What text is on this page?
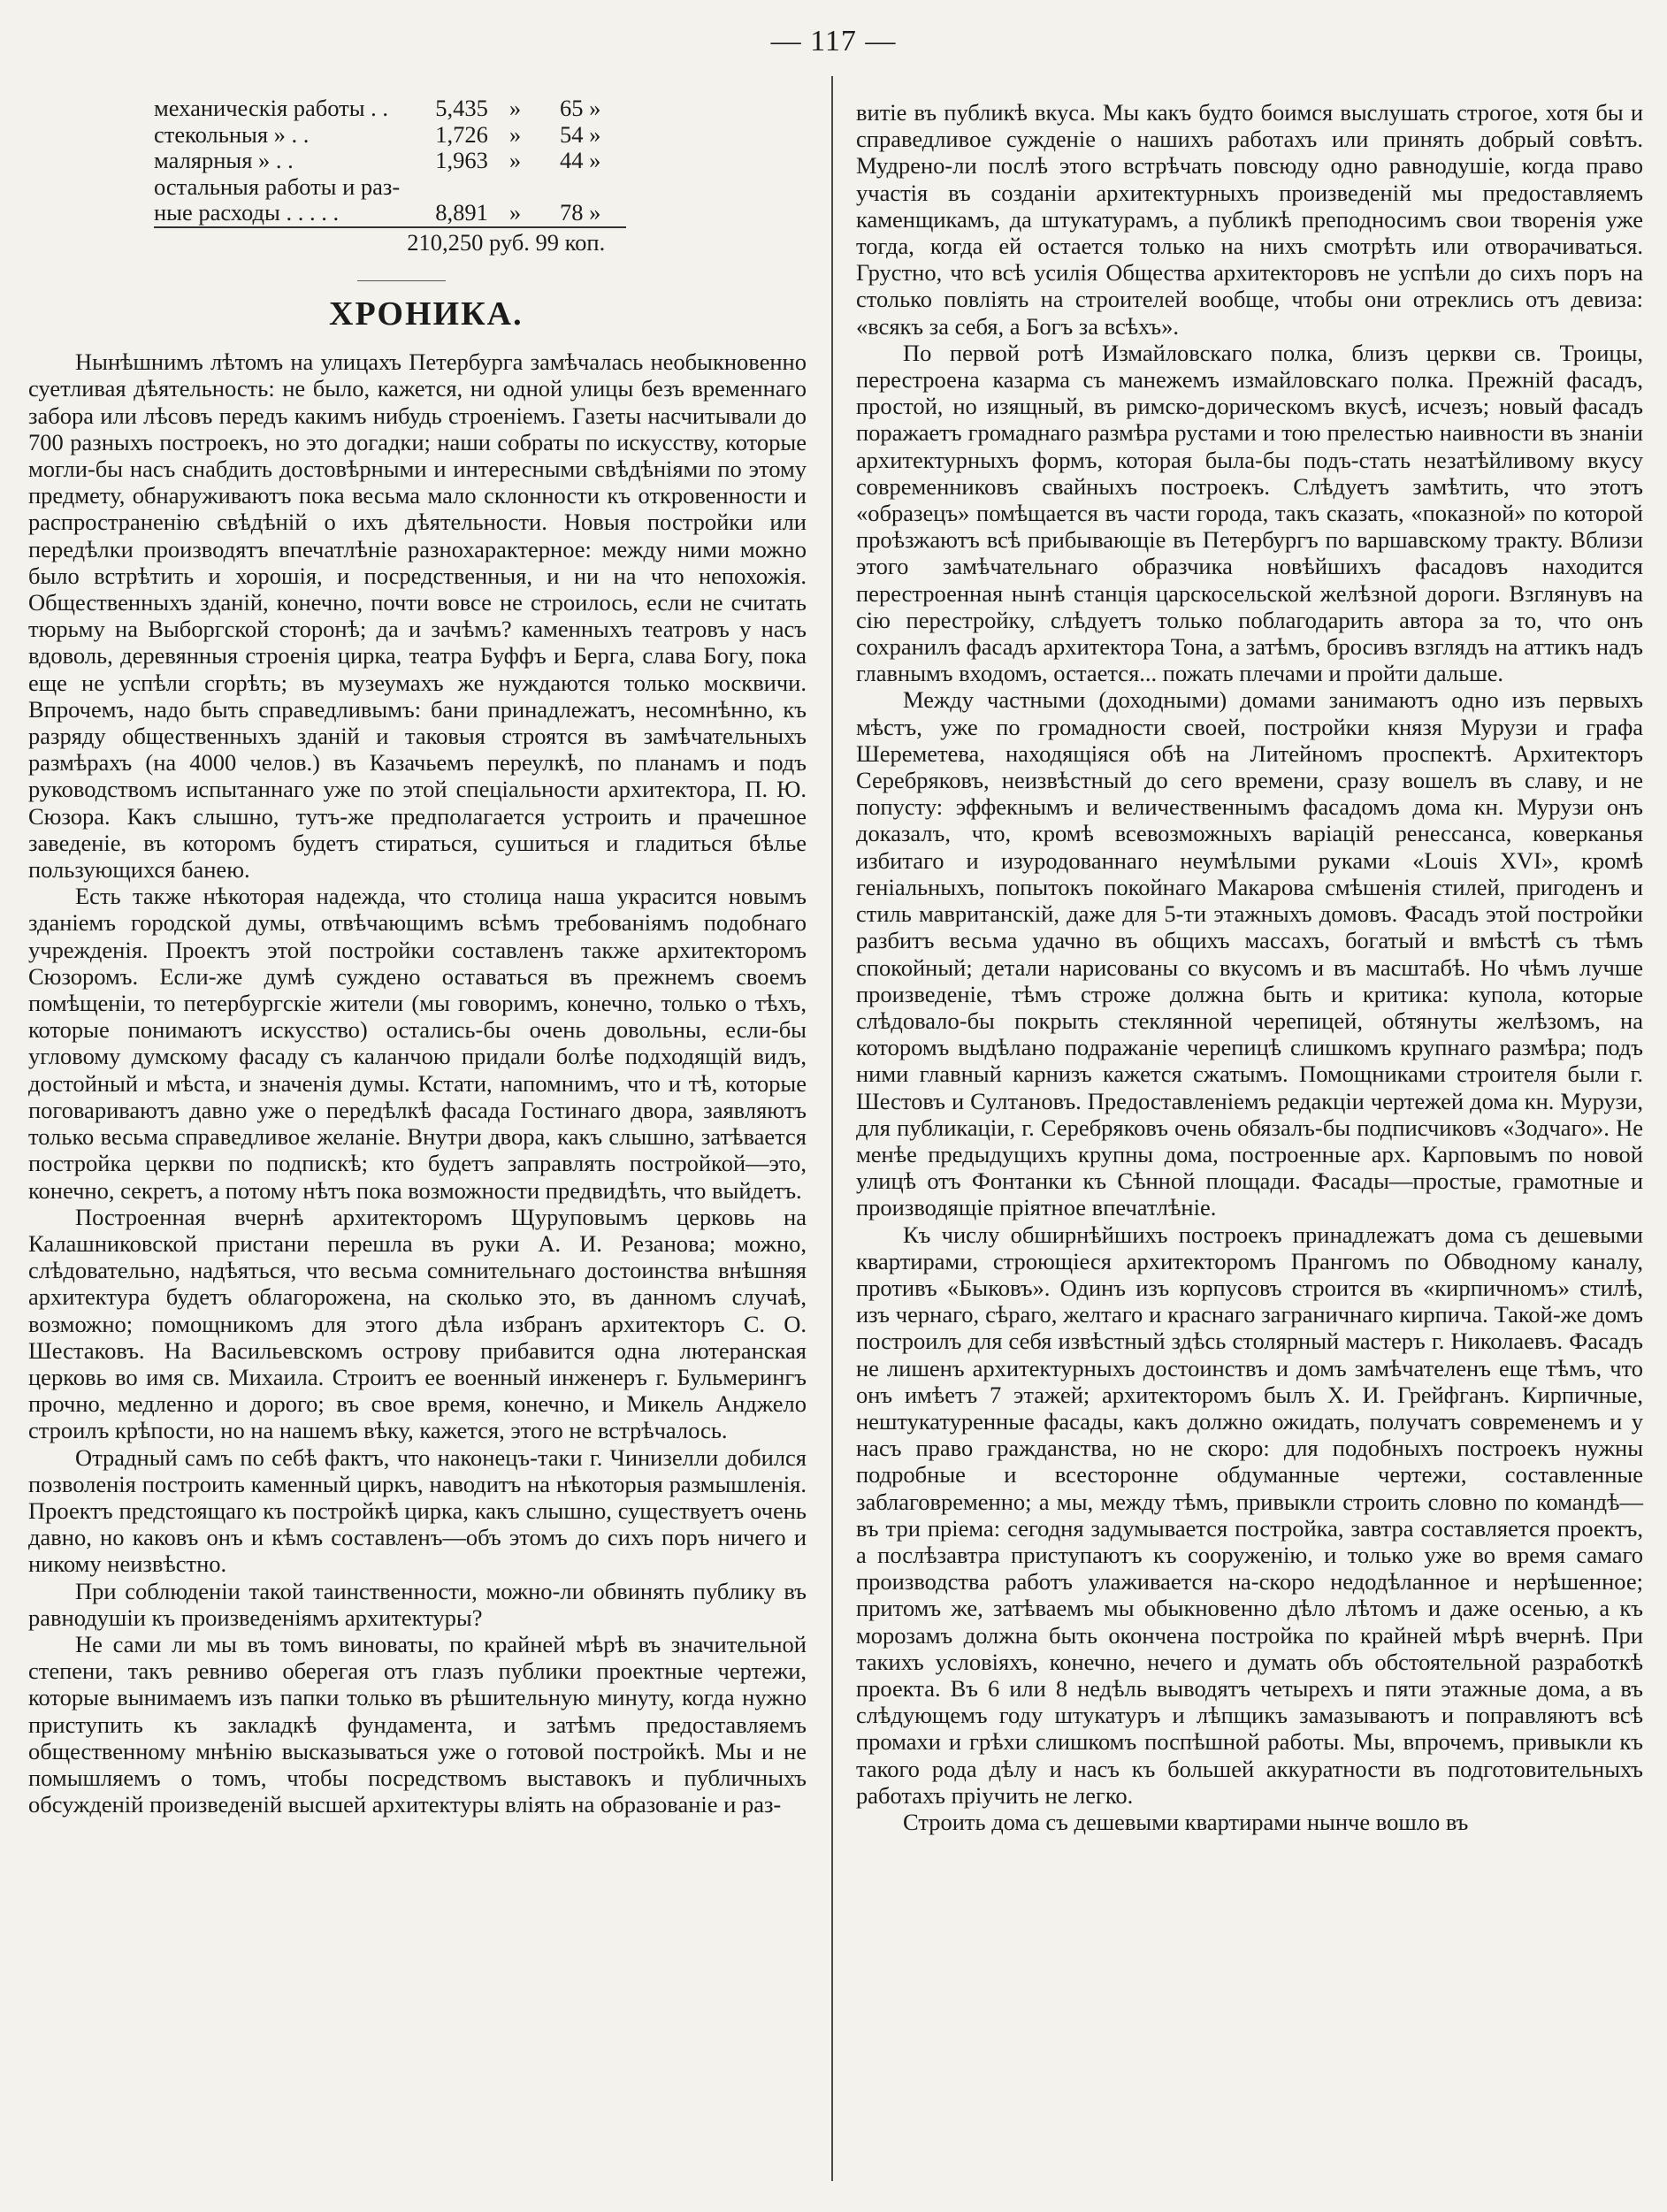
— 117 —
механическія работы . .	5,435	»	65 »
стекольныя » . .	1,726	»	54 »
малярныя » . .	1,963	»	44 »
остальныя работы и раз-			
ные расходы . . . . .	8,891	»	78 »
	210,250 руб. 99 коп.		
ХРОНИКА.

Нынѣшнимъ лѣтомъ на улицахъ Петербурга замѣчалась необыкновенно суетливая дѣятельность: не было, кажется, ни одной улицы безъ временнаго забора или лѣсовъ передъ какимъ нибудь строеніемъ. Газеты насчитывали до 700 разныхъ построекъ, но это догадки; наши собраты по искусству, которые могли-бы насъ снабдить достовѣрными и интересными свѣдѣніями по этому предмету, обнаруживаютъ пока весьма мало склонности къ откровенности и распространенію свѣдѣній о ихъ дѣятельности. Новыя постройки или передѣлки производятъ впечатлѣніе разнохарактерное: между ними можно было встрѣтить и хорошія, и посредственныя, и ни на что непохожія. Общественныхъ зданій, конечно, почти вовсе не строилось, если не считать тюрьму на Выборгской сторонѣ; да и зачѣмъ? каменныхъ театровъ у насъ вдоволь, деревянныя строенія цирка, театра Буффъ и Берга, слава Богу, пока еще не успѣли сгорѣть; въ музеумахъ же нуждаются только москвичи. Впрочемъ, надо быть справедливымъ: бани принадлежатъ, несомнѣнно, къ разряду общественныхъ зданій и таковыя строятся въ замѣчательныхъ размѣрахъ (на 4000 челов.) въ Казачьемъ переулкѣ, по планамъ и подъ руководствомъ испытаннаго уже по этой спеціальности архитектора, П. Ю. Сюзора. Какъ слышно, тутъ-же предполагается устроить и прачешное заведеніе, въ которомъ будетъ стираться, сушиться и гладиться бѣлье пользующихся банею.

Есть также нѣкоторая надежда, что столица наша украсится новымъ зданіемъ городской думы, отвѣчающимъ всѣмъ требованіямъ подобнаго учрежденія. Проектъ этой постройки составленъ также архитекторомъ Сюзоромъ. Если-же думѣ суждено оставаться въ прежнемъ своемъ помѣщеніи, то петербургскіе жители (мы говоримъ, конечно, только о тѣхъ, которые понимаютъ искусство) остались-бы очень довольны, если-бы угловому думскому фасаду съ каланчою придали болѣе подходящій видъ, достойный и мѣста, и значенія думы. Кстати, напомнимъ, что и тѣ, которые поговариваютъ давно уже о передѣлкѣ фасада Гостинаго двора, заявляютъ только весьма справедливое желаніе. Внутри двора, какъ слышно, затѣвается постройка церкви по подпискѣ; кто будетъ заправлять постройкой—это, конечно, секретъ, а потому нѣтъ пока возможности предвидѣть, что выйдетъ.

Построенная вчернѣ архитекторомъ Щуруповымъ церковь на Калашниковской пристани перешла въ руки А. И. Резанова; можно, слѣдовательно, надѣяться, что весьма сомнительнаго достоинства внѣшняя архитектура будетъ облагорожена, на сколько это, въ данномъ случаѣ, возможно; помощникомъ для этого дѣла избранъ архитекторъ С. О. Шестаковъ. На Васильевскомъ острову прибавится одна лютеранская церковь во имя св. Михаила. Строитъ ее военный инженеръ г. Бульмерингъ прочно, медленно и дорого; въ свое время, конечно, и Микель Анджело строилъ крѣпости, но на нашемъ вѣку, кажется, этого не встрѣчалось.

Отрадный самъ по себѣ фактъ, что наконецъ-таки г. Чинизелли добился позволенія построить каменный циркъ, наводитъ на нѣкоторыя размышленія. Проектъ предстоящаго къ постройкѣ цирка, какъ слышно, существуетъ очень давно, но каковъ онъ и кѣмъ составленъ—объ этомъ до сихъ поръ ничего и никому неизвѣстно.

При соблюденіи такой таинственности, можно-ли обвинять публику въ равнодушіи къ произведеніямъ архитектуры?

Не сами ли мы въ томъ виноваты, по крайней мѣрѣ въ значительной степени, такъ ревниво оберегая отъ глазъ публики проектные чертежи, которые вынимаемъ изъ папки только въ рѣшительную минуту, когда нужно приступить къ закладкѣ фундамента, и затѣмъ предоставляемъ общественному мнѣнію высказываться уже о готовой постройкѣ. Мы и не помышляемъ о томъ, чтобы посредствомъ выставокъ и публичныхъ обсужденій произведеній высшей архитектуры вліять на образованіе и раз-

витіе въ публикѣ вкуса. Мы какъ будто боимся выслушать строгое, хотя бы и справедливое сужденіе о нашихъ работахъ или принять добрый совѣтъ. Мудрено-ли послѣ этого встрѣчать повсюду одно равнодушіе, когда право участія въ созданіи архитектурныхъ произведеній мы предоставляемъ каменщикамъ, да штукатурамъ, а публикѣ преподносимъ свои творенія уже тогда, когда ей остается только на нихъ смотрѣть или отвoрачиваться. Грустно, что всѣ усилія Общества архитекторовъ не успѣли до сихъ поръ на столько повліять на строителей вообще, чтобы они отреклись отъ девиза: «всякъ за себя, а Богъ за всѣхъ».

По первой ротѣ Измайловскаго полка, близъ церкви св. Троицы, перестроена казарма съ манежемъ измайловскаго полка. Прежній фасадъ, простой, но изящный, въ римско-дорическомъ вкусѣ, исчезъ; новый фасадъ поражаетъ громаднаго размѣра рустами и тою прелестью наивности въ знаніи архитектурныхъ формъ, которая была-бы подъ-стать незатѣйливому вкусу современниковъ свайныхъ построекъ. Слѣдуетъ замѣтить, что этотъ «образецъ» помѣщается въ части города, такъ сказать, «показной» по которой проѣзжаютъ всѣ прибывающіе въ Петербургъ по варшавскому тракту. Вблизи этого замѣчательнаго образчика новѣйшихъ фасадовъ находится перестроенная нынѣ станція царскосельской желѣзной дороги. Взглянувъ на сію перестройку, слѣдуетъ только поблагодарить автора за то, что онъ сохранилъ фасадъ архитектора Тона, а затѣмъ, бросивъ взглядъ на аттикъ надъ главнымъ входомъ, остается... пожать плечами и пройти дальше.

Между частными (доходными) домами занимаютъ одно изъ первыхъ мѣстъ, уже по громадности своей, постройки князя Мурузи и графа Шереметева, находящіяся обѣ на Литейномъ проспектѣ. Архитекторъ Серебряковъ, неизвѣстный до сего времени, сразу вошелъ въ славу, и не попусту: эффекнымъ и величественнымъ фасадомъ дома кн. Мурузи онъ доказалъ, что, кромѣ всевозможныхъ варіацій ренессанса, коверканья избитаго и изуродованнаго неумѣлыми руками «Louis XVI», кромѣ геніальныхъ, попытокъ покойнаго Макарова смѣшенія стилей, пригоденъ и стиль мавританскій, даже для 5-ти этажныхъ домовъ. Фасадъ этой постройки разбитъ весьма удачно въ общихъ массахъ, богатый и вмѣстѣ съ тѣмъ спокойный; детали нарисованы со вкусомъ и въ масштабѣ. Но чѣмъ лучше произведеніе, тѣмъ строже должна быть и критика: купола, которые слѣдовало-бы покрыть стеклянной черепицей, обтянуты желѣзомъ, на которомъ выдѣлано подражаніе черепицѣ слишкомъ крупнаго размѣра; подъ ними главный карнизъ кажется сжатымъ. Помощниками строителя были г. Шестовъ и Султановъ. Предоставленіемъ редакціи чертежей дома кн. Мурузи, для публикаціи, г. Серебряковъ очень обязалъ-бы подписчиковъ «Зодчаго». Не менѣе предыдущихъ крупны дома, построенные арх. Карповымъ по новой улицѣ отъ Фонтанки къ Сѣнной площади. Фасады—простые, грамотные и производящіе пріятное впечатлѣніе.

Къ числу обширнѣйшихъ построекъ принадлежатъ дома съ дешевыми квартирами, строющіеся архитекторомъ Прангомъ по Обводному каналу, противъ «Быковъ». Одинъ изъ корпусовъ строится въ «кирпичномъ» стилѣ, изъ чернаго, сѣраго, желтаго и краснаго заграничнаго кирпича. Такой-же домъ построилъ для себя извѣстный здѣсь столярный мастеръ г. Николаевъ. Фасадъ не лишенъ архитектурныхъ достоинствъ и домъ замѣчателенъ еще тѣмъ, что онъ имѣетъ 7 этажей; архитекторомъ былъ Х. И. Грейфганъ. Кирпичные, нештукатуренные фасады, какъ должно ожидать, получатъ современемъ и у насъ право гражданства, но не скоро: для подобныхъ построекъ нужны подробные и всесторонне обдуманные чертежи, составленные заблаговременно; а мы, между тѣмъ, привыкли строить словно по командѣ—въ три пріема: сегодня задумывается постройка, завтра составляется проектъ, а послѣзавтра приступаютъ къ сооруженію, и только уже во время самаго производства работъ улаживается на-скоро недодѣланное и нерѣшенное; притомъ же, затѣваемъ мы обыкновенно дѣло лѣтомъ и даже осенью, а къ морозамъ должна быть окончена постройка по крайней мѣрѣ вчернѣ. При такихъ условіяхъ, конечно, нечего и думать объ обстоятельной разработкѣ проекта. Въ 6 или 8 недѣль выводятъ четырехъ и пяти этажные дома, а въ слѣдующемъ году штукатуръ и лѣпщикъ замазываютъ и поправляютъ всѣ промахи и грѣхи слишкомъ поспѣшной работы. Мы, впрочемъ, привыкли къ такого рода дѣлу и насъ къ большей аккуратности въ подготовительныхъ работахъ пріучить не легко.

Строить дома съ дешевыми квартирами нынче вошло въ
